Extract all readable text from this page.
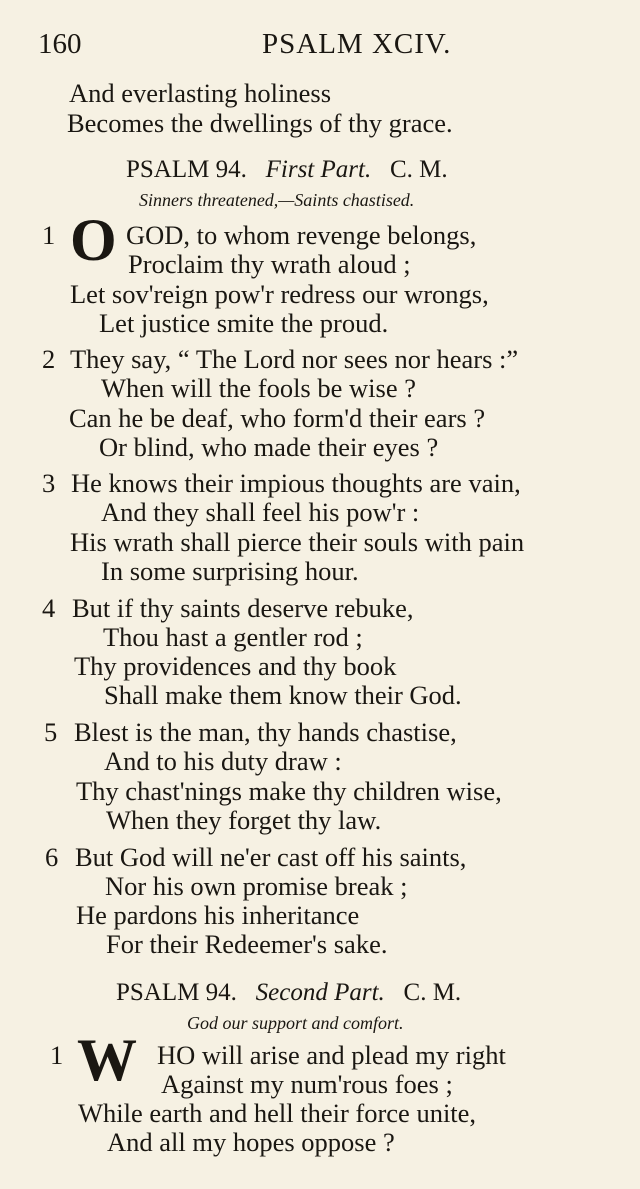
160	PSALM XCIV.
And everlasting holiness
Becomes the dwellings of thy grace.
PSALM 94. First Part. C. M.
Sinners threatened,—Saints chastised.
1 O GOD, to whom revenge belongs,
Proclaim thy wrath aloud ;
Let sov'reign pow'r redress our wrongs,
Let justice smite the proud.
2 They say, “ The Lord nor sees nor hears :”
When will the fools be wise ?
Can he be deaf, who form'd their ears ?
Or blind, who made their eyes ?
3 He knows their impious thoughts are vain,
And they shall feel his pow'r :
His wrath shall pierce their souls with pain
In some surprising hour.
4 But if thy saints deserve rebuke,
Thou hast a gentler rod ;
Thy providences and thy book
Shall make them know their God.
5 Blest is the man, thy hands chastise,
And to his duty draw :
Thy chast'nings make thy children wise,
When they forget thy law.
6 But God will ne'er cast off his saints,
Nor his own promise break ;
He pardons his inheritance
For their Redeemer's sake.
PSALM 94. Second Part. C. M.
God our support and comfort.
1 W HO will arise and plead my right
Against my num'rous foes ;
While earth and hell their force unite,
And all my hopes oppose ?
